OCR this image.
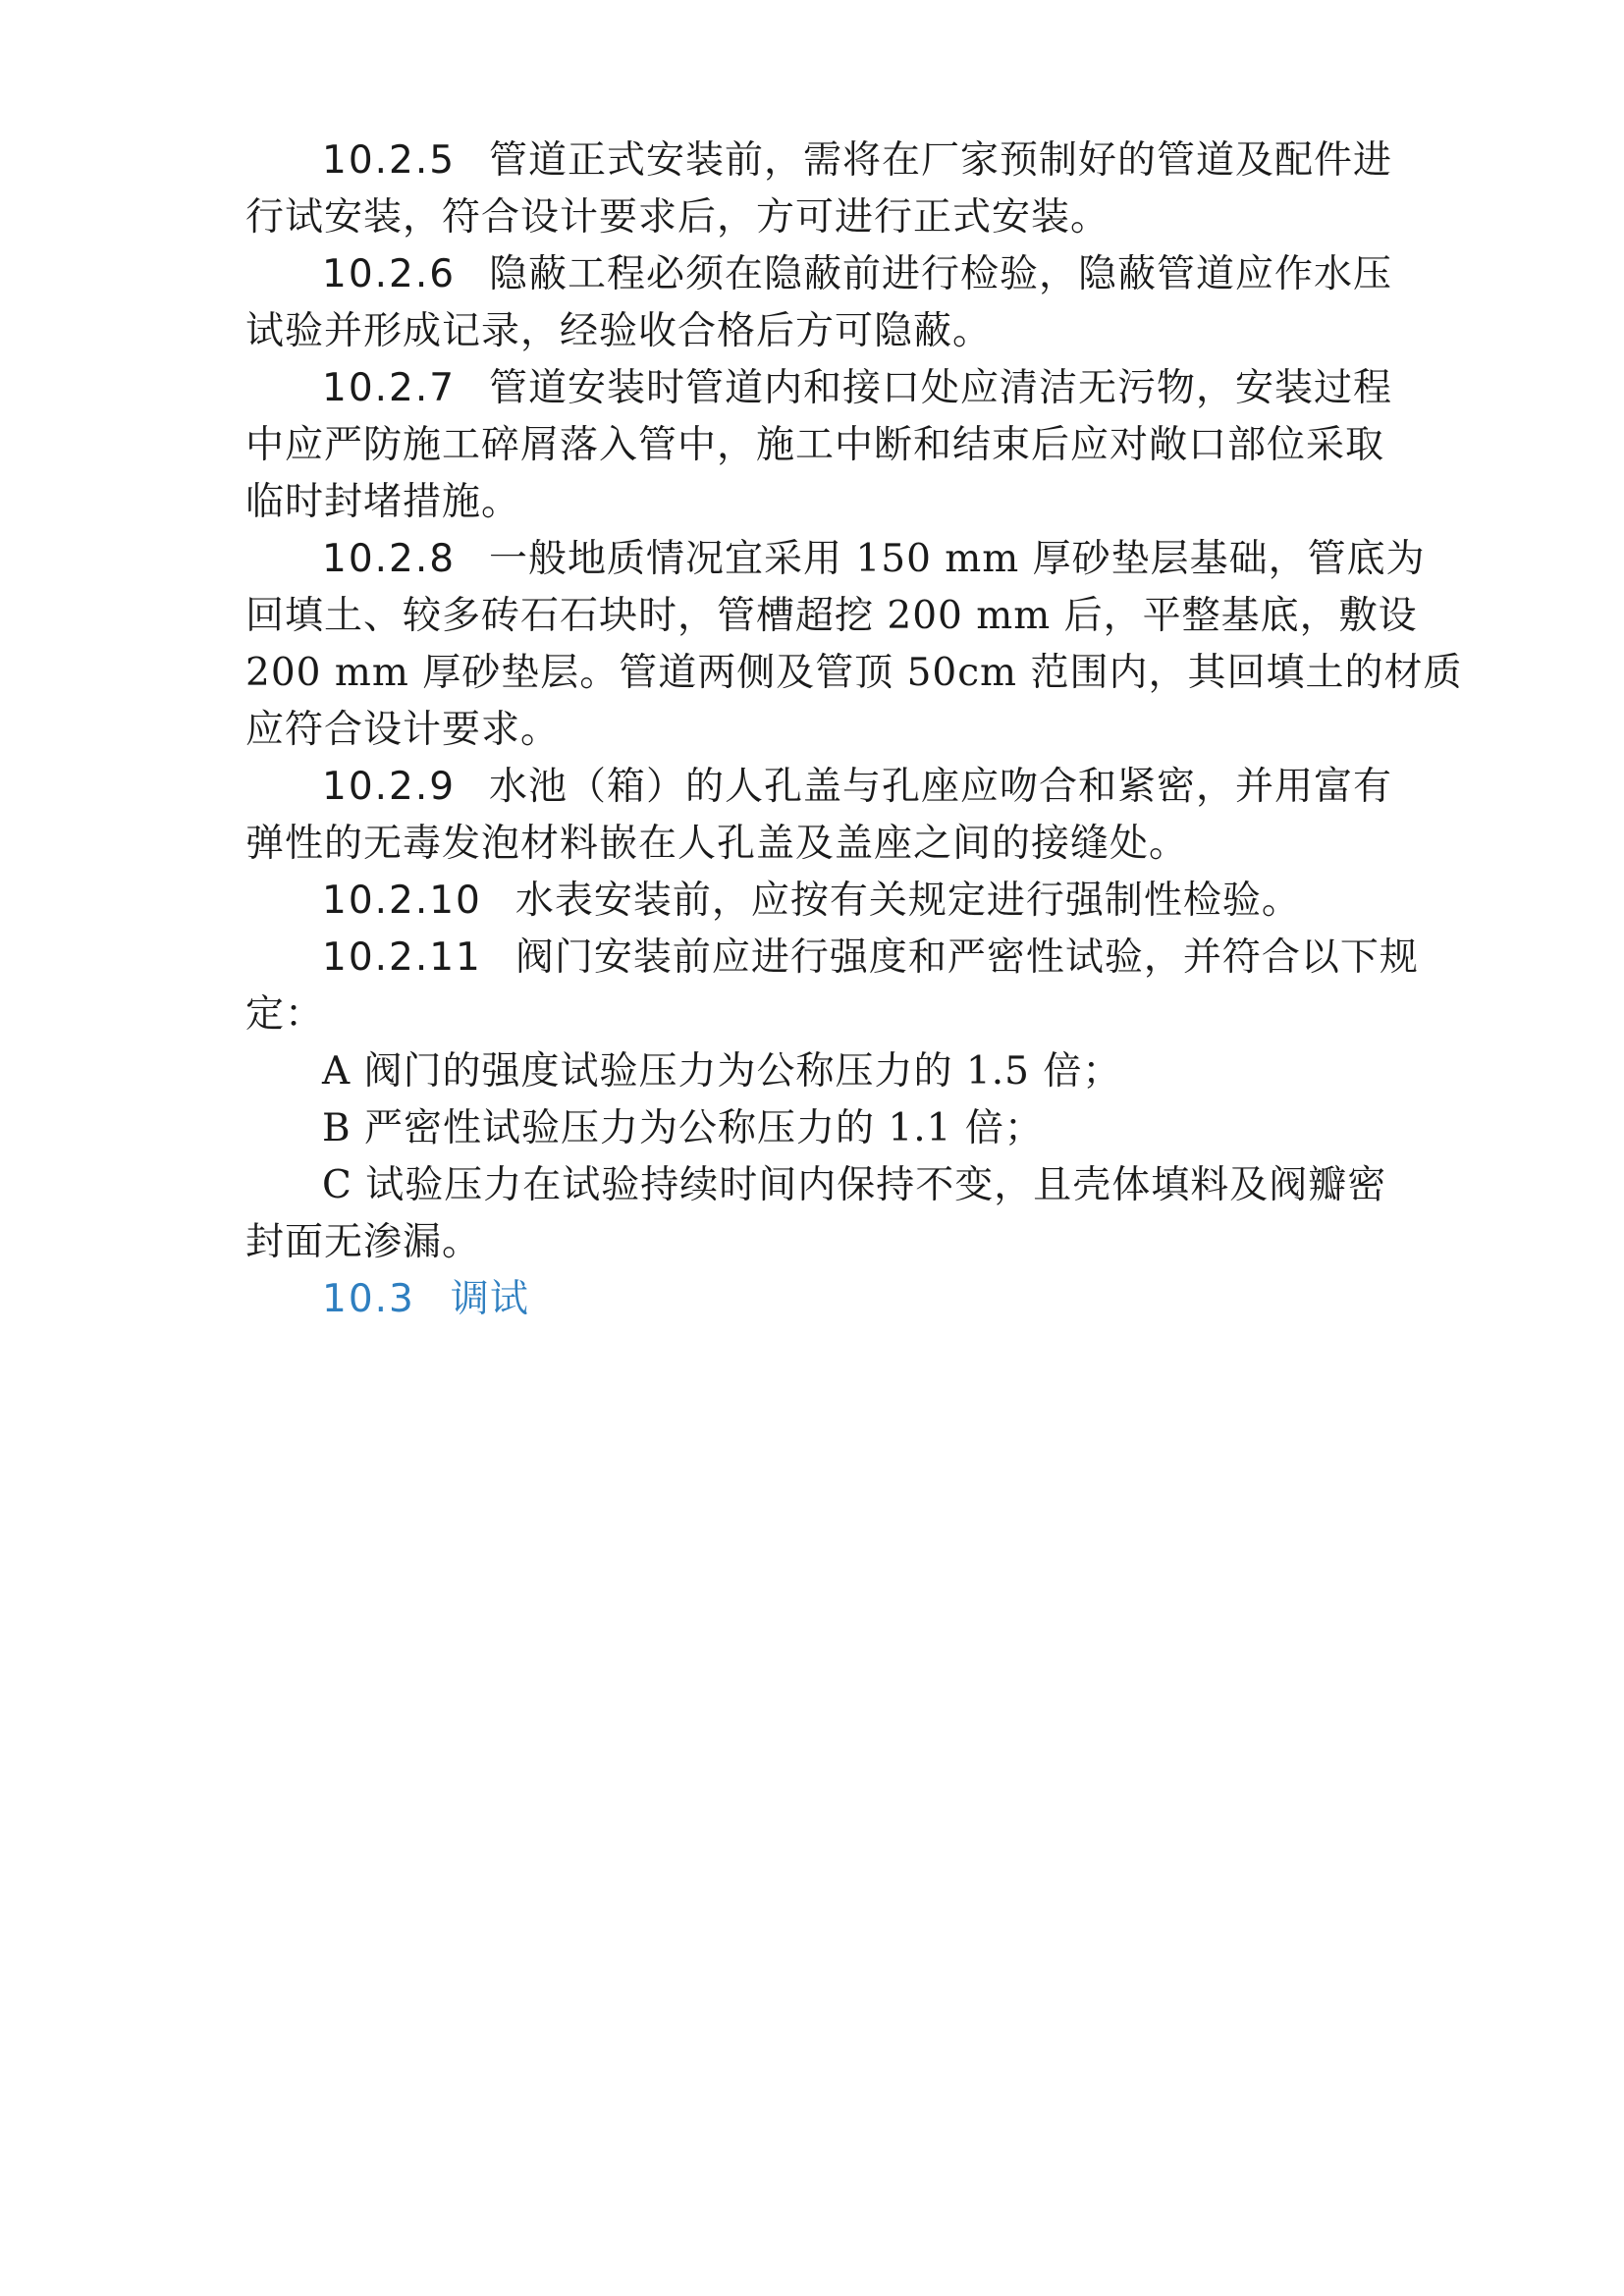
10.2.5 管道正式安装前，需将在厂家预制好的管道及配件进
行试安装，符合设计要求后，方可进行正式安装。
10.2.6 隐蔽工程必须在隐蔽前进行检验，隐蔽管道应作水压
试验并形成记录，经验收合格后方可隐蔽。
10.2.7 管道安装时管道内和接口处应清洁无污物，安装过程
中应严防施工碎屑落入管中，施工中断和结束后应对敞口部位采取
临时封堵措施。
10.2.8 一般地质情况宜采用 150 mm 厚砂垫层基础，管底为
回填土、较多砖石石块时，管槽超挖 200 mm 后，平整基底，敷设
200 mm 厚砂垫层。管道两侧及管顶 50cm 范围内，其回填土的材质
应符合设计要求。
10.2.9 水池（箱）的人孔盖与孔座应吻合和紧密，并用富有
弹性的无毒发泡材料嵌在人孔盖及盖座之间的接缝处。
10.2.10 水表安装前，应按有关规定进行强制性检验。
10.2.11 阀门安装前应进行强度和严密性试验，并符合以下规
定：
A 阀门的强度试验压力为公称压力的 1.5 倍；
B 严密性试验压力为公称压力的 1.1 倍；
C 试验压力在试验持续时间内保持不变，且壳体填料及阀瓣密
封面无渗漏。
10.3 调试
